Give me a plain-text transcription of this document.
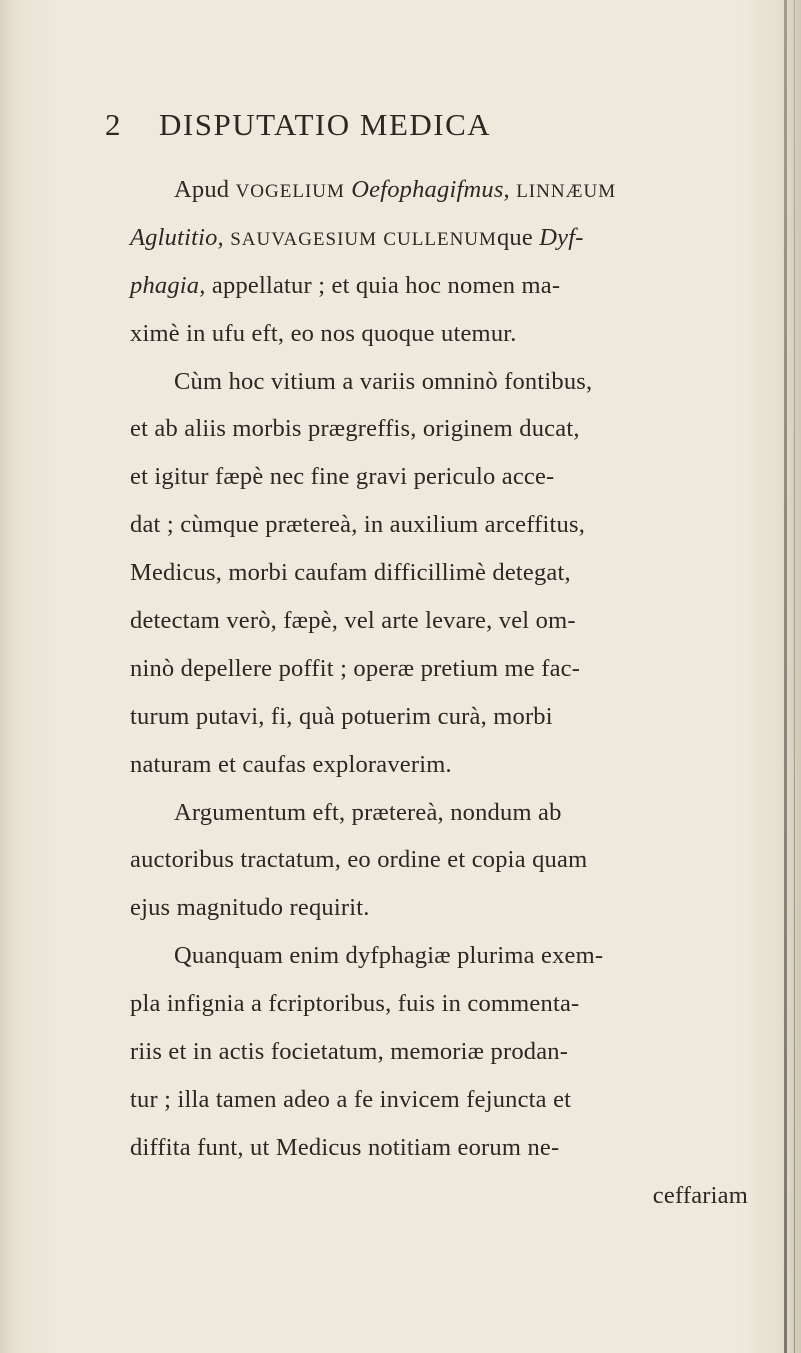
2 DISPUTATIO MEDICA
Apud VOGELIUM Oefophagifmus, LINNÆUM
Aglutitio, SAUVAGESIUM CULLENUMque Dyf-
phagia, appellatur ; et quia hoc nomen ma-
ximè in ufu eft, eo nos quoque utemur.
Cùm hoc vitium a variis omninò fontibus,
et ab aliis morbis prægreffis, originem ducat,
et igitur fæpè nec fine gravi periculo acce-
dat ; cùmque prætereà, in auxilium arceffitus,
Medicus, morbi caufam difficillimè detegat,
detectam verò, fæpè, vel arte levare, vel om-
ninò depellere poffit ; operæ pretium me fac-
turum putavi, fi, quà potuerim curà, morbi
naturam et caufas exploraverim.
Argumentum eft, prætereà, nondum ab
auctoribus tractatum, eo ordine et copia quam
ejus magnitudo requirit.
Quanquam enim dyfphagiæ plurima exem-
pla infignia a fcriptoribus, fuis in commenta-
riis et in actis focietatum, memoriæ prodan-
tur ; illa tamen adeo a fe invicem fejuncta et
diffita funt, ut Medicus notitiam eorum ne-
ceffariam
